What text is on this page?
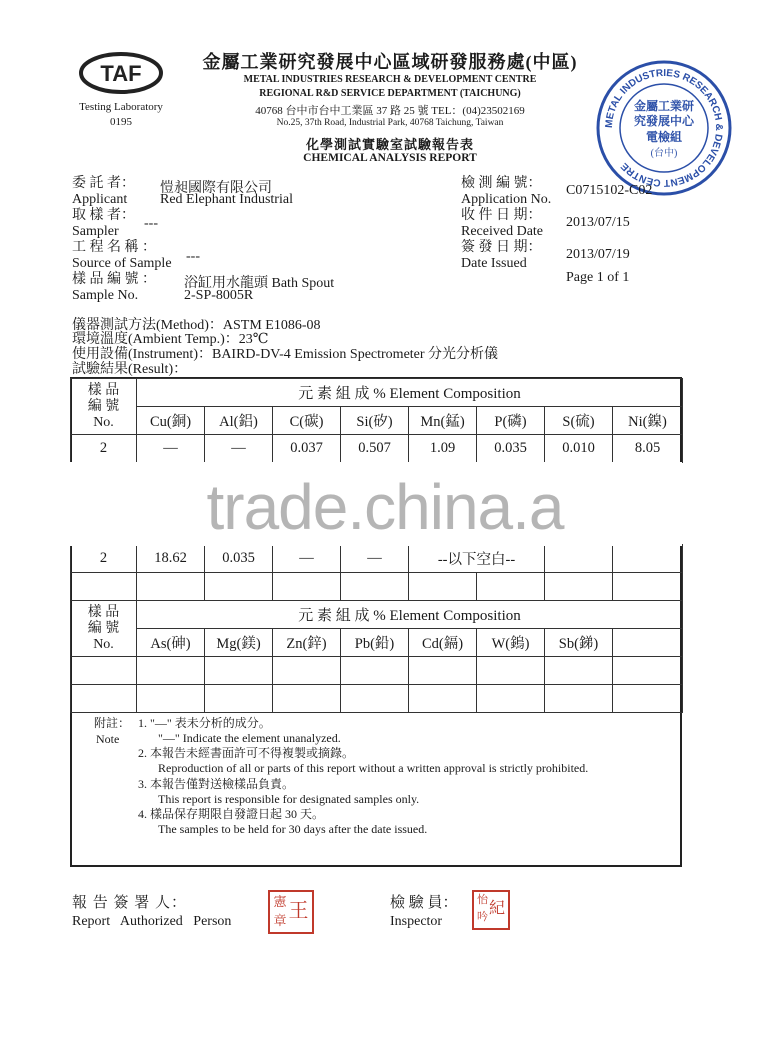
TAF
Testing Laboratory
0195
金屬工業研究發展中心區域研發服務處(中區)
METAL INDUSTRIES RESEARCH & DEVELOPMENT CENTRE
REGIONAL R&D SERVICE DEPARTMENT (TAICHUNG)
40768 台中市台中工業區 37 路 25 號 TEL：(04)23502169
No.25, 37th Road, Industrial Park, 40768 Taichung, Taiwan
化學測試實驗室試驗報告表
CHEMICAL ANALYSIS REPORT
METAL INDUSTRIES RESEARCH & DEVELOPMENT CENTRE
金屬工業研
究發展中心
電檢組
(台中)
委 託 者： 愷昶國際有限公司
Applicant Red Elephant Industrial
取 樣 者：
---
Sampler
工 程 名 稱 ：
---
Source of Sample
樣 品 編 號 ： 浴缸用水龍頭 Bath Spout
Sample No.	2-SP-8005R
檢 測 編 號：
Application No.
C0715102-C02
收 件 日 期：
Received Date
2013/07/15
簽 發 日 期：
Date Issued
2013/07/19
Page 1 of 1
儀器測試方法(Method)：ASTM E1086-08
環境溫度(Ambient Temp.)：23℃
使用設備(Instrument)：BAIRD-DV-4 Emission Spectrometer 分光分析儀
試驗結果(Result)：
樣 品
編 號
No.	元 素 組 成 % Element Composition							
	Cu(銅)	Al(鋁)	C(碳)	Si(矽)	Mn(錳)	P(磷)	S(硫)	Ni(鎳)
2	—	—	0.037	0.507	1.09	0.035	0.010	8.05
2	18.62	0.035	—	—	--以下空白--			

trade.china.a
樣 品
編 號
No.	元 素 組 成 % Element Composition							
	As(砷)	Mg(鎂)	Zn(鋅)	Pb(鉛)	Cd(鎘)	W(鎢)	Sb(銻)	

附註：
Note
1. "—" 表未分析的成分。
"—" Indicate the element unanalyzed.
2. 本報告未經書面許可不得複製或摘錄。
Reproduction of all or parts of this report without a written approval is strictly prohibited.
3. 本報告僅對送檢樣品負責。
This report is responsible for designated samples only.
4. 樣品保存期限自發證日起 30 天。
The samples to be held for 30 days after the date issued.
報 告 簽 署 人：
Report   Authorized   Person
憲
章 王	檢 驗 員：
Inspector
怡
吟 紀
